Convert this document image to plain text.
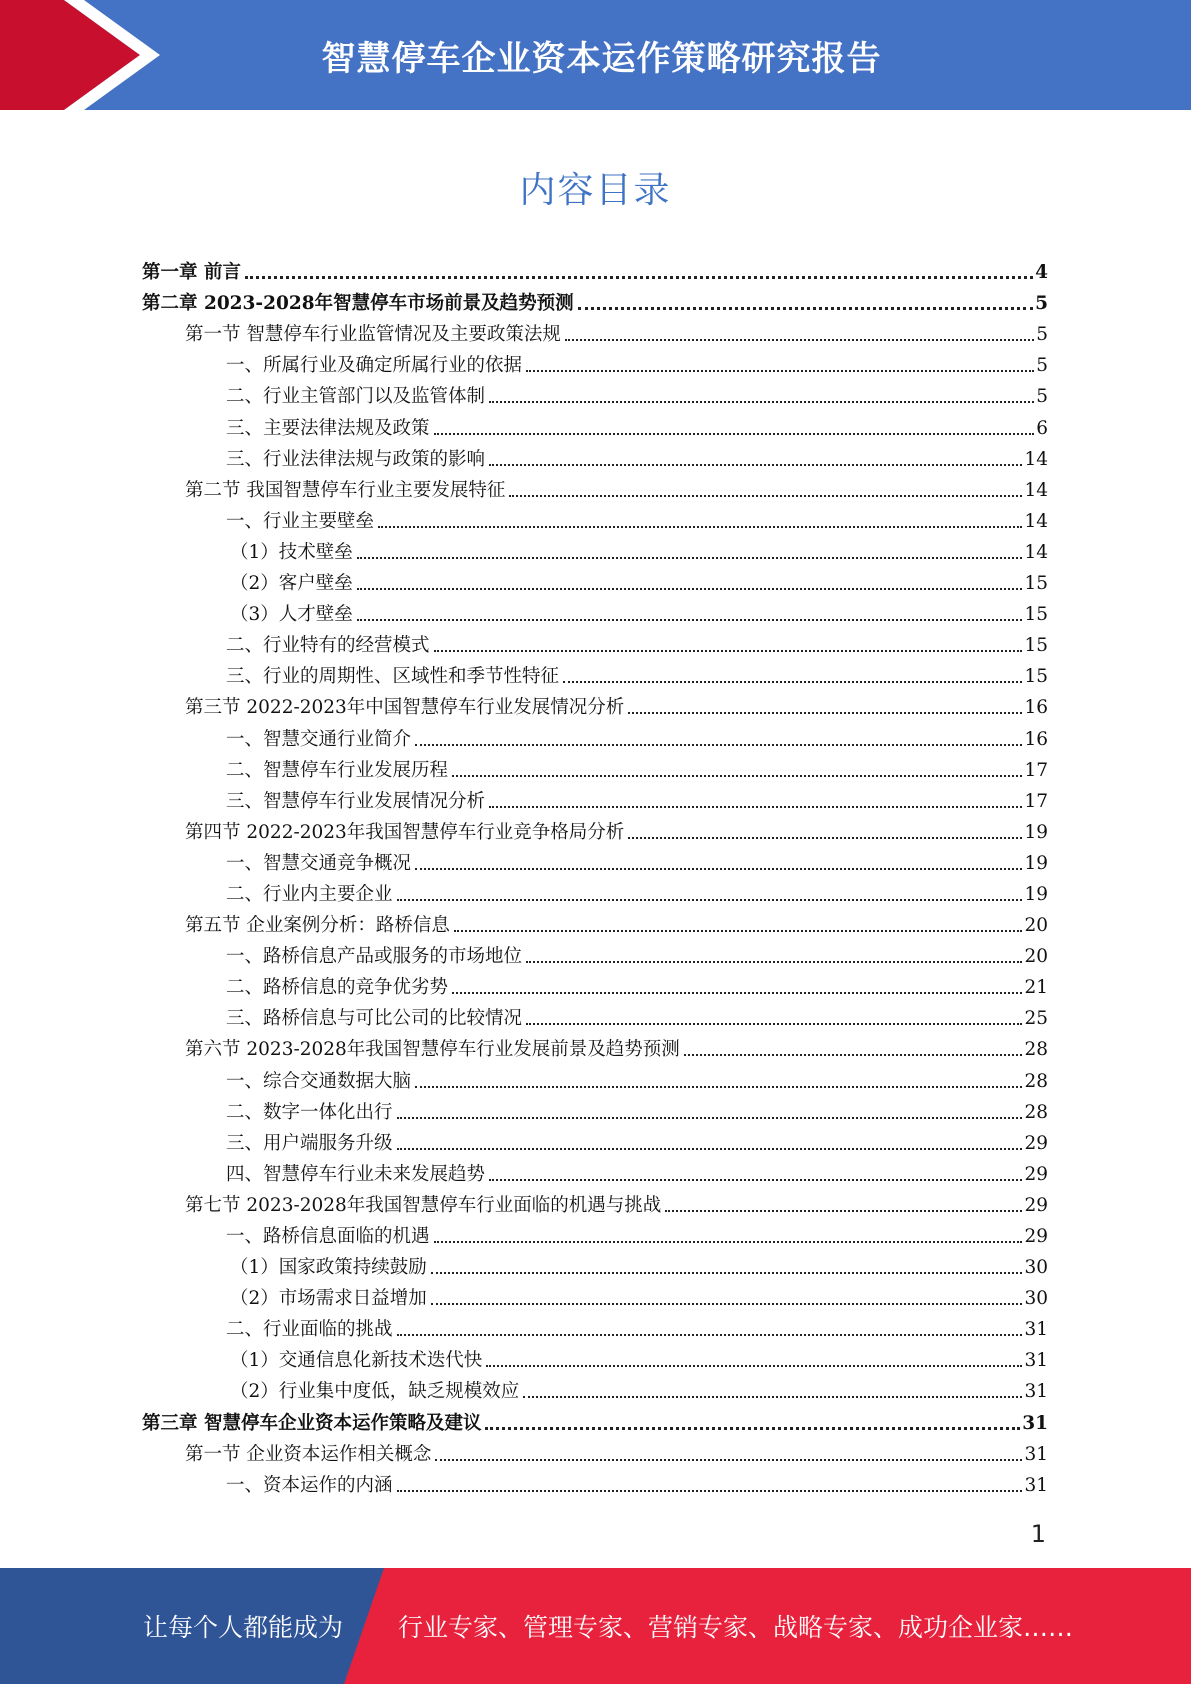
智慧停车企业资本运作策略研究报告
内容目录
第一章 前言	4
第二章 2023-2028年智慧停车市场前景及趋势预测	5
第一节 智慧停车行业监管情况及主要政策法规	5
一、所属行业及确定所属行业的依据	5
二、行业主管部门以及监管体制	5
三、主要法律法规及政策	6
三、行业法律法规与政策的影响	14
第二节 我国智慧停车行业主要发展特征	14
一、行业主要壁垒	14
（1）技术壁垒	14
（2）客户壁垒	15
（3）人才壁垒	15
二、行业特有的经营模式	15
三、行业的周期性、区域性和季节性特征	15
第三节 2022-2023年中国智慧停车行业发展情况分析	16
一、智慧交通行业简介	16
二、智慧停车行业发展历程	17
三、智慧停车行业发展情况分析	17
第四节 2022-2023年我国智慧停车行业竞争格局分析	19
一、智慧交通竞争概况	19
二、行业内主要企业	19
第五节 企业案例分析：路桥信息	20
一、路桥信息产品或服务的市场地位	20
二、路桥信息的竞争优劣势	21
三、路桥信息与可比公司的比较情况	25
第六节 2023-2028年我国智慧停车行业发展前景及趋势预测	28
一、综合交通数据大脑	28
二、数字一体化出行	28
三、用户端服务升级	29
四、智慧停车行业未来发展趋势	29
第七节 2023-2028年我国智慧停车行业面临的机遇与挑战	29
一、路桥信息面临的机遇	29
（1）国家政策持续鼓励	30
（2）市场需求日益增加	30
二、行业面临的挑战	31
（1）交通信息化新技术迭代快	31
（2）行业集中度低，缺乏规模效应	31
第三章 智慧停车企业资本运作策略及建议	31
第一节 企业资本运作相关概念	31
一、资本运作的内涵	31
1
让每个人都能成为 行业专家、管理专家、营销专家、战略专家、成功企业家……
